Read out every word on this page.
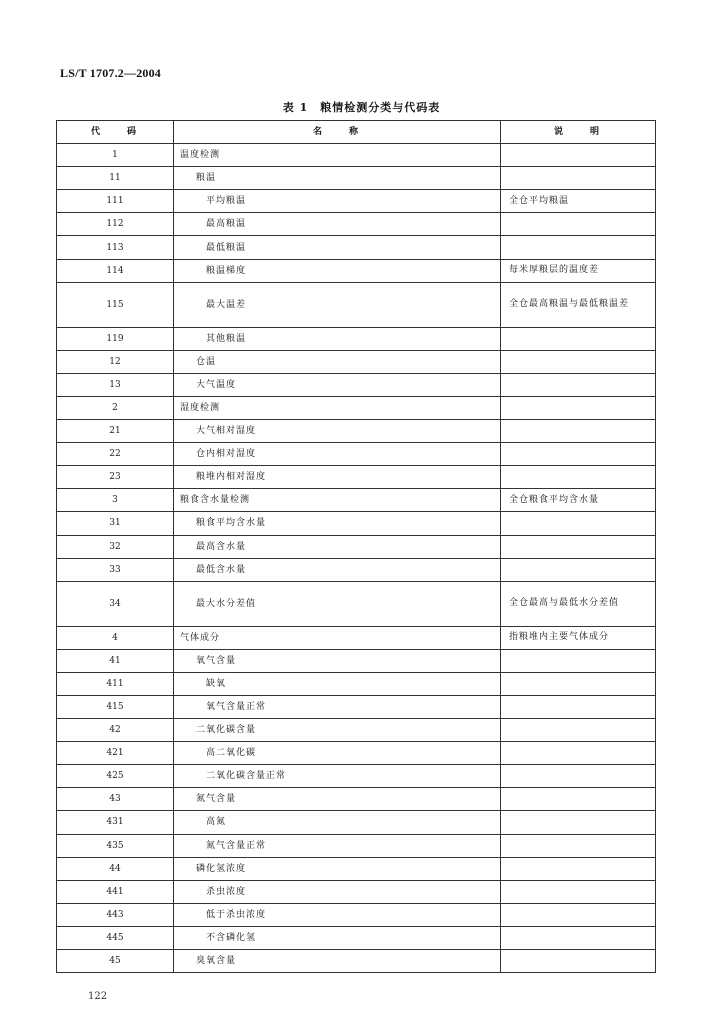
LS/T 1707.2—2004
表 1　粮情检测分类与代码表
代　　码	名　　称	说　　明
1	温度检测	
11	粮温	
111	平均粮温	全仓平均粮温
112	最高粮温	
113	最低粮温	
114	粮温梯度	每米厚粮层的温度差
115	最大温差	全仓最高粮温与最低粮温差
119	其他粮温	
12	仓温	
13	大气温度	
2	湿度检测	
21	大气相对湿度	
22	仓内相对湿度	
23	粮堆内相对湿度	
3	粮食含水量检测	全仓粮食平均含水量
31	粮食平均含水量	
32	最高含水量	
33	最低含水量	
34	最大水分差值	全仓最高与最低水分差值
4	气体成分	指粮堆内主要气体成分
41	氧气含量	
411	缺氧	
415	氧气含量正常	
42	二氧化碳含量	
421	高二氧化碳	
425	二氧化碳含量正常	
43	氮气含量	
431	高氮	
435	氮气含量正常	
44	磷化氢浓度	
441	杀虫浓度	
443	低于杀虫浓度	
445	不含磷化氢	
45	臭氧含量	
122
